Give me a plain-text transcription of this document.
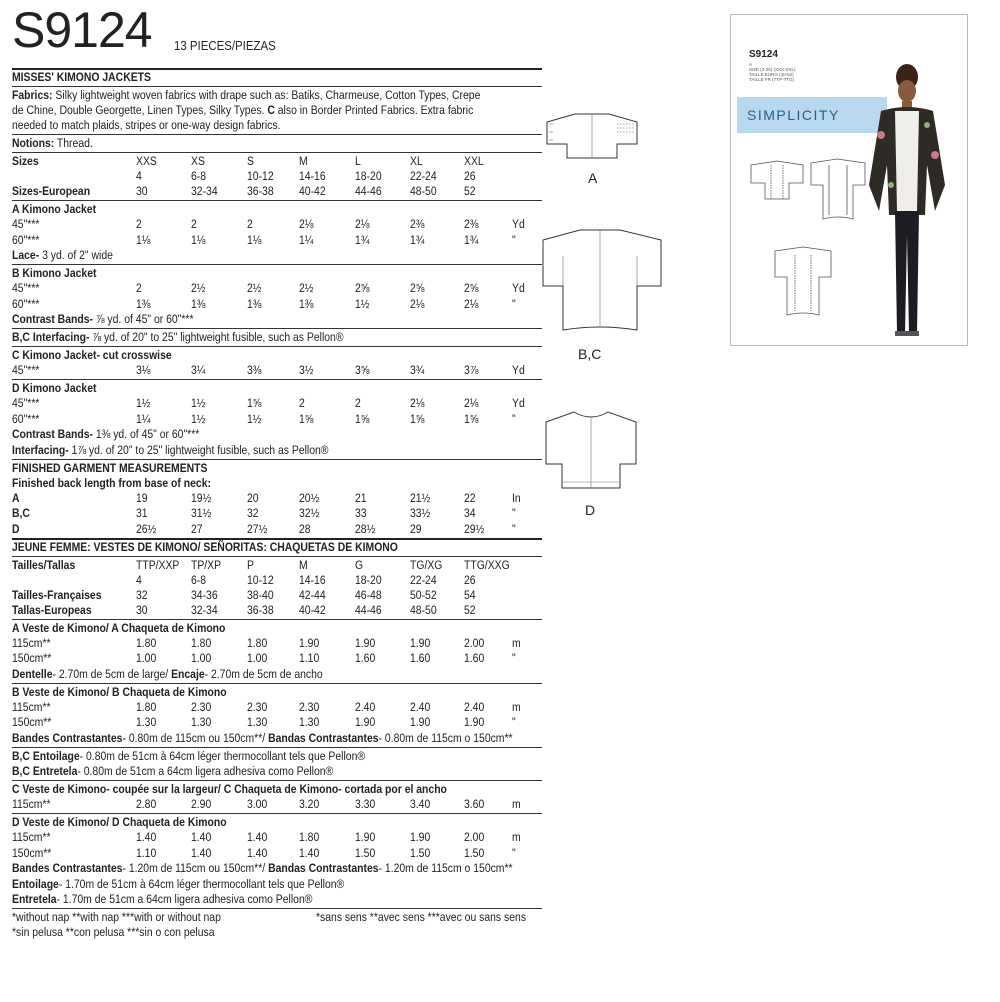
S9124 13 PIECES/PIEZAS
MISSES' KIMONO JACKETS
Fabrics: Silky lightweight woven fabrics with drape such as: Batiks, Charmeuse, Cotton Types, Crepe
de Chine, Double Georgette, Linen Types, Silky Types. C also in Border Printed Fabrics. Extra fabric
needed to match plaids, stripes or one-way design fabrics.
Notions: Thread.
Sizes	XXS	XS	S	M	L	XL	XXL
4	6-8	10-12 14-16 18-20 22-24 26
Sizes-European	30	32-34 36-38 40-42 44-46 48-50 52
A Kimono Jacket
45"***	2	2	2	2⅛	2⅛	2⅜	2⅜	Yd
60"***	1⅛	1⅛	1⅛	1¼	1¾	1¾	1¾	"
Lace- 3 yd. of 2" wide
B Kimono Jacket
45"***	2	2½	2½	2½	2⅝	2⅝	2⅝	Yd
60"***	1⅜	1⅜	1⅜	1⅜	1½	2⅛	2⅛	"
Contrast Bands- ⅞ yd. of 45" or 60"***
B,C Interfacing- ⅞ yd. of 20" to 25" lightweight fusible, such as Pellon®
C Kimono Jacket- cut crosswise
45"***	3⅛	3¼	3⅜	3½	3⅝	3¾	3⅞	Yd
D Kimono Jacket
45"***	1½	1½	1⅝	2	2	2⅛	2⅛	Yd
60"***	1¼	1½	1½	1⅝	1⅝	1⅝	1⅝	"
Contrast Bands- 1⅜ yd. of 45" or 60"***
Interfacing- 1⅞ yd. of 20" to 25" lightweight fusible, such as Pellon®
FINISHED GARMENT MEASUREMENTS
Finished back length from base of neck:
A	19	19½	20	20½	21	21½	22	In
B,C	31	31½	32	32½	33	33½	34	"
D	26½	27	27½	28	28½	29	29½ "
JEUNE FEMME: VESTES DE KIMONO/ SEÑORITAS: CHAQUETAS DE KIMONO
Tailles/Tallas	TTP/XXP TP/XP P	M	G	TG/XG TTG/XXG
4	6-8	10-12 14-16 18-20 22-24 26
Tailles-Françaises	32	34-36 38-40 42-44 46-48 50-52 54
Tallas-Europeas	30	32-34 36-38 40-42 44-46 48-50 52
A Veste de Kimono/ A Chaqueta de Kimono
115cm**	1.80	1.80	1.80	1.90	1.90	1.90	2.00 m
150cm**	1.00	1.00	1.00	1.10	1.60	1.60	1.60 "
Dentelle- 2.70m de 5cm de large/ Encaje- 2.70m de 5cm de ancho
B Veste de Kimono/ B Chaqueta de Kimono
115cm**	1.80	2.30	2.30	2.30	2.40	2.40	2.40 m
150cm**	1.30	1.30	1.30	1.30	1.90	1.90	1.90 "
Bandes Contrastantes- 0.80m de 115cm ou 150cm**/ Bandas Contrastantes- 0.80m de 115cm o 150cm**
B,C Entoilage- 0.80m de 51cm à 64cm léger thermocollant tels que Pellon®
B,C Entretela- 0.80m de 51cm a 64cm ligera adhesiva como Pellon®
C Veste de Kimono- coupée sur la largeur/ C Chaqueta de Kimono- cortada por el ancho
115cm**	2.80	2.90	3.00	3.20	3.30	3.40	3.60 m
D Veste de Kimono/ D Chaqueta de Kimono
115cm**	1.40	1.40	1.40	1.80	1.90	1.90	2.00 m
150cm**	1.10	1.40	1.40	1.40	1.50	1.50	1.50 "
Bandes Contrastantes- 1.20m de 115cm ou 150cm**/ Bandas Contrastantes- 1.20m de 115cm o 150cm**
Entoilage- 1.70m de 51cm à 64cm léger thermocollant tels que Pellon®
Entretela- 1.70m de 51cm a 64cm ligera adhesiva como Pellon®
*without nap **with nap ***with or without nap	*sans sens **avec sens ***avec ou sans sens
*sin pelusa **con pelusa ***sin o con pelusa
A
B,C
D
S9124
A
SIZE (4-26) (XXS-XXL)
TAILLE EURO (30-52)
TAILLE FR (TTP-TTG)
SIMPLICITY
